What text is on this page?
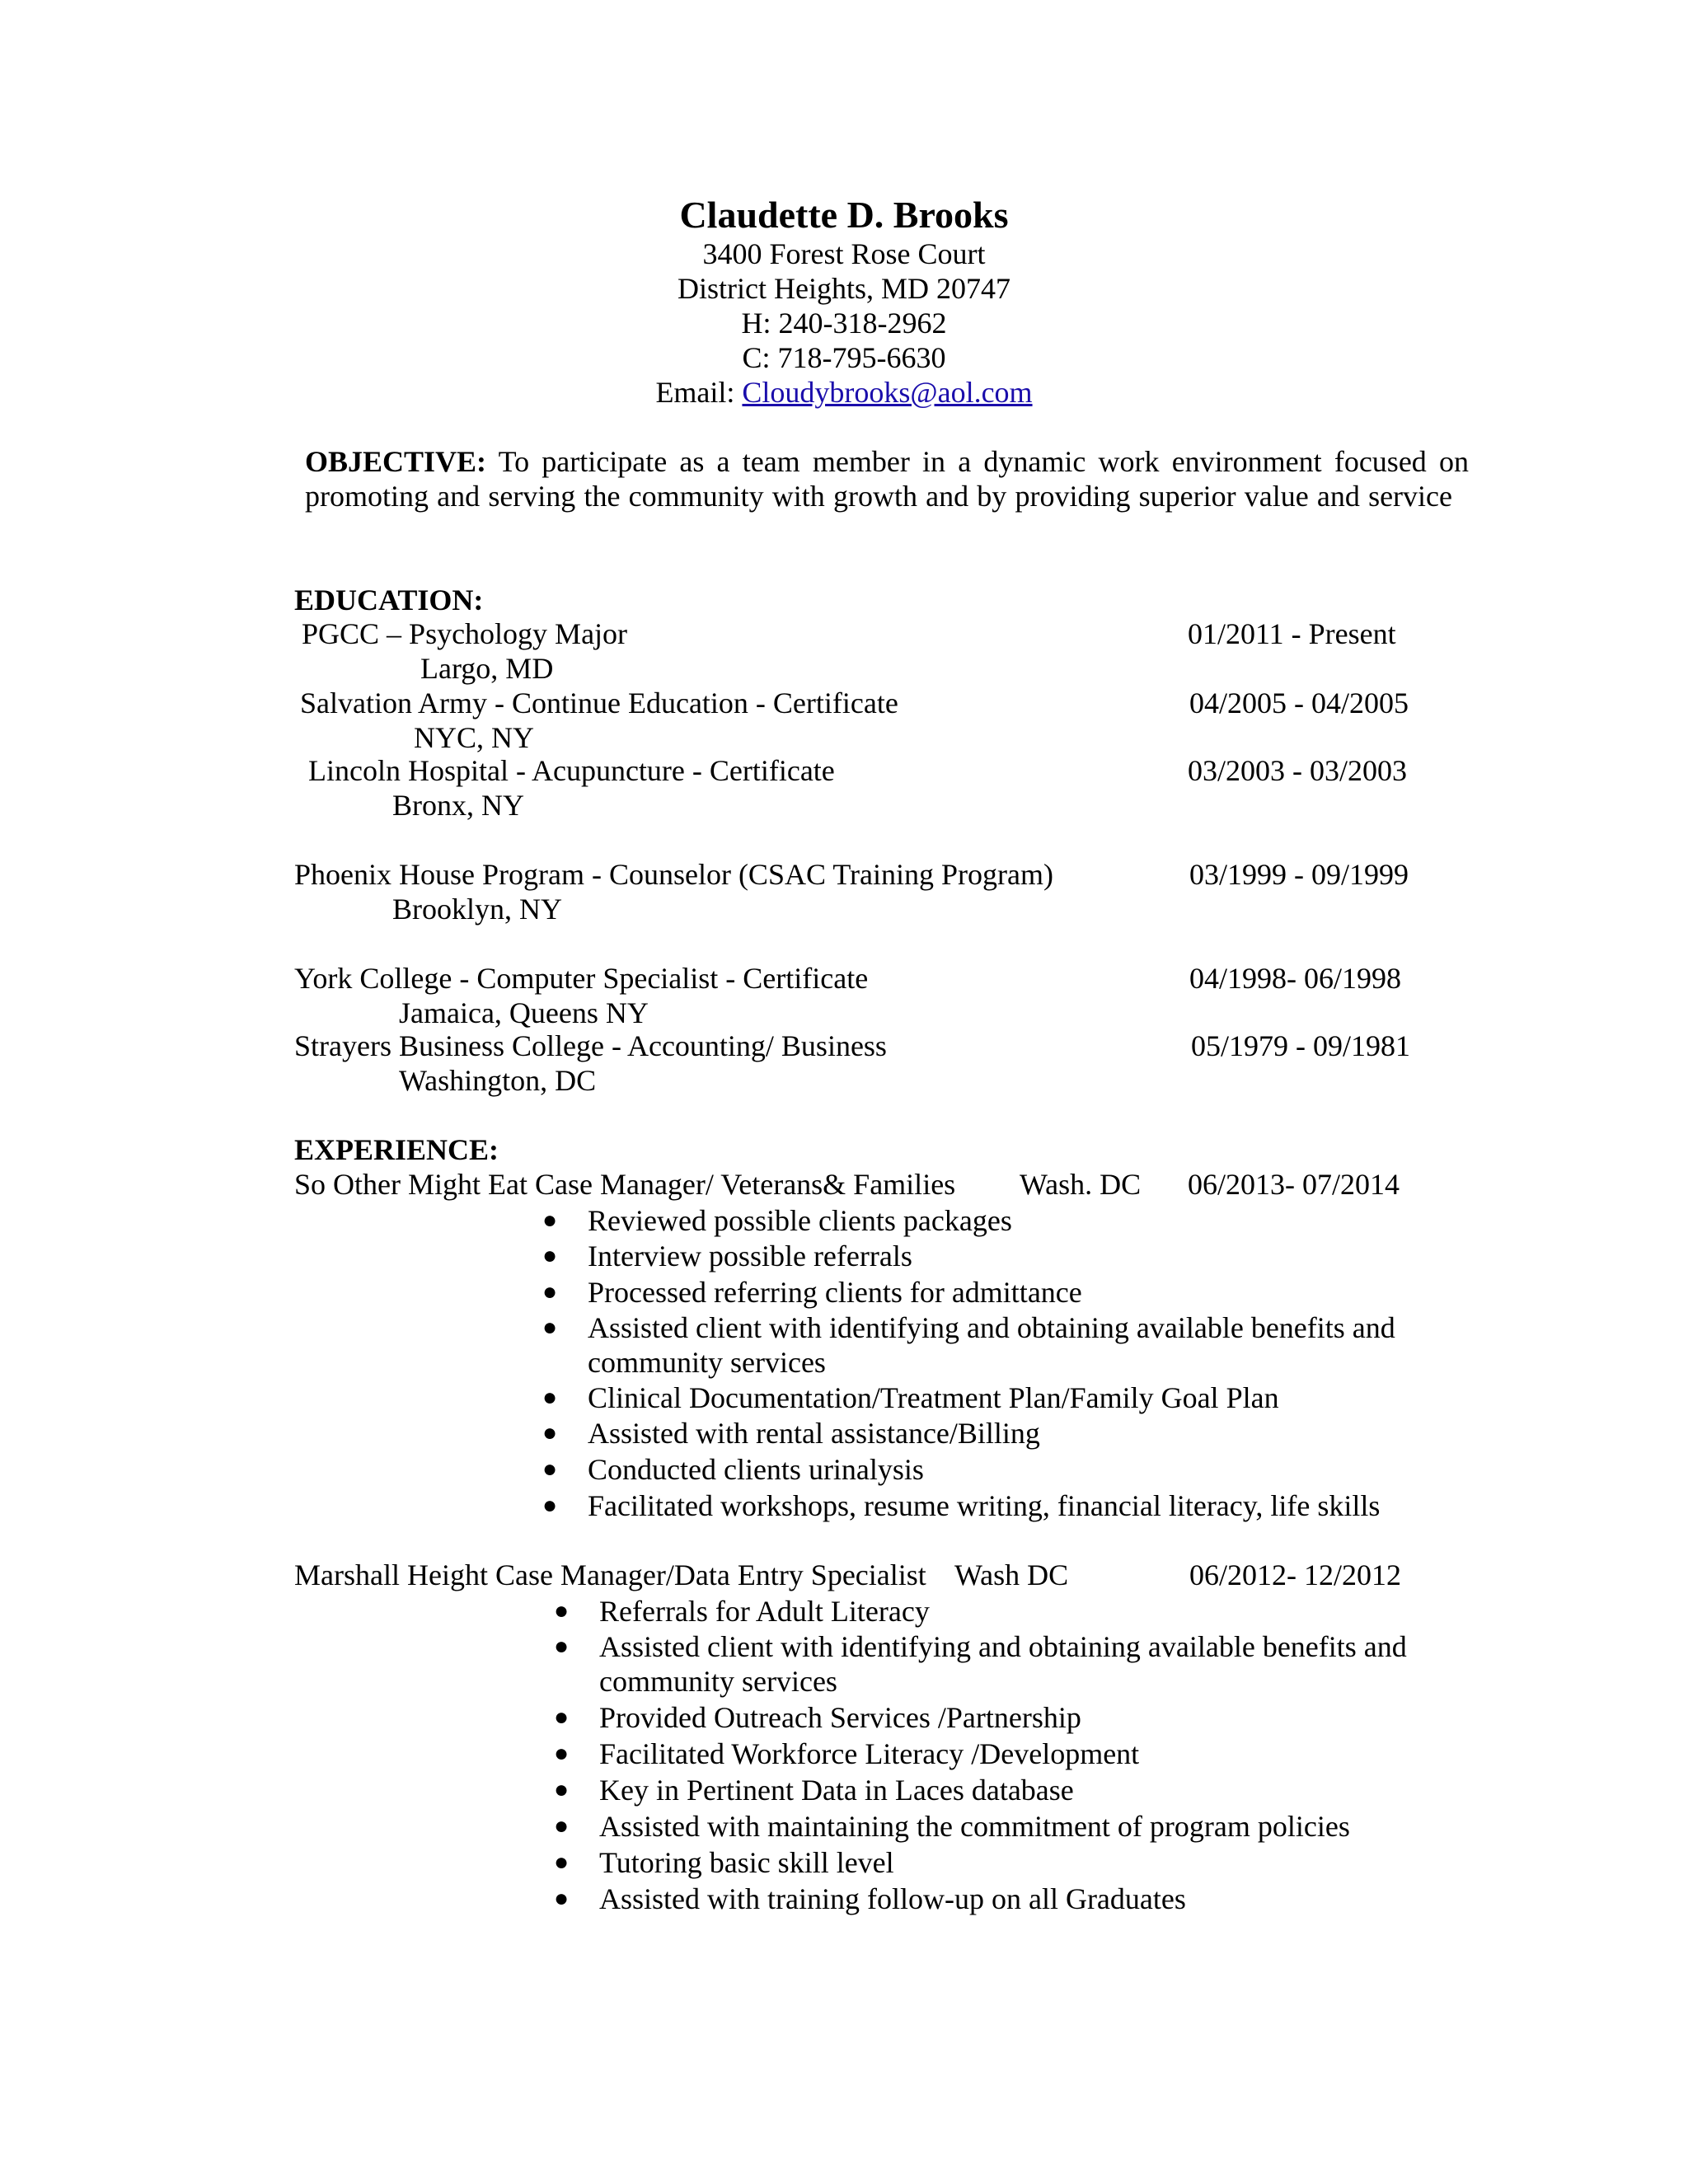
Claudette D. Brooks
3400 Forest Rose Court
District Heights, MD 20747
H: 240-318-2962
C: 718-795-6630
Email: Cloudybrooks@aol.com
OBJECTIVE: To participate as a team member in a dynamic work environment focused on
promoting and serving the community with growth and by providing superior value and service
EDUCATION:
PGCC – Psychology Major	01/2011 - Present
Largo, MD
Salvation Army - Continue Education - Certificate	04/2005 - 04/2005
NYC, NY
Lincoln Hospital - Acupuncture - Certificate	03/2003 - 03/2003
Bronx, NY
Phoenix House Program - Counselor (CSAC Training Program)	03/1999 - 09/1999
Brooklyn, NY
York College - Computer Specialist - Certificate	04/1998- 06/1998
Jamaica, Queens NY
Strayers Business College - Accounting/ Business	05/1979 - 09/1981
Washington, DC
EXPERIENCE:
So Other Might Eat Case Manager/ Veterans& Families Wash. DC 06/2013- 07/2014
● Reviewed possible clients packages
● Interview possible referrals
● Processed referring clients for admittance
● Assisted client with identifying and obtaining available benefits and
community services
● Clinical Documentation/Treatment Plan/Family Goal Plan
● Assisted with rental assistance/Billing
● Conducted clients urinalysis
● Facilitated workshops, resume writing, financial literacy, life skills
Marshall Height Case Manager/Data Entry Specialist Wash DC	06/2012- 12/2012
● Referrals for Adult Literacy
● Assisted client with identifying and obtaining available benefits and
community services
● Provided Outreach Services /Partnership
● Facilitated Workforce Literacy /Development
● Key in Pertinent Data in Laces database
● Assisted with maintaining the commitment of program policies
● Tutoring basic skill level
● Assisted with training follow-up on all Graduates
